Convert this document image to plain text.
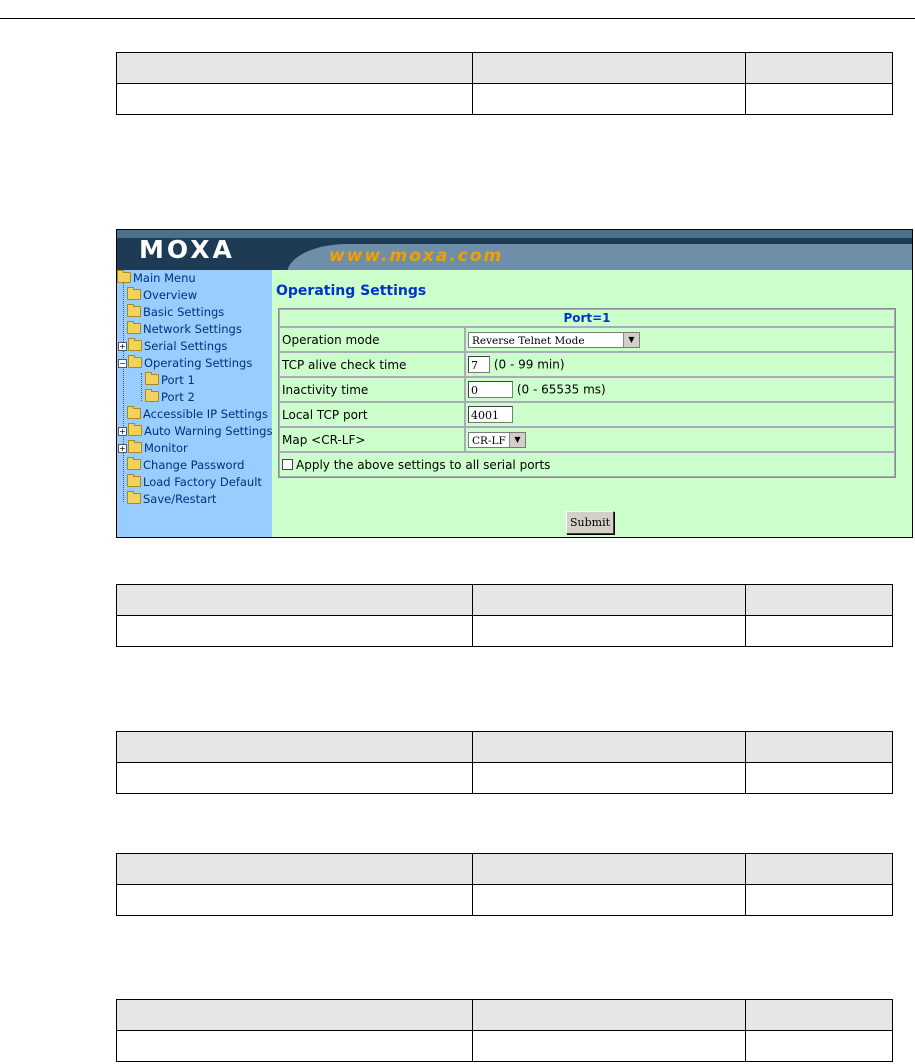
MOXA	www.moxa.com
Main Menu
Overview
Basic Settings
Network Settings
+ Serial Settings
− Operating Settings
Port 1
Port 2
Accessible IP Settings
+ Auto Warning Settings
+ Monitor
Change Password
Load Factory Default
Save/Restart
Operating Settings
Port=1	
Operation mode	Reverse Telnet Mode ▼

TCP alive check time	7 (0 - 99 min)
Inactivity time	0 (0 - 65535 ms)
Local TCP port	4001
Map <CR-LF>	CR-LF ▼

Apply the above settings to all serial ports	
Submit
